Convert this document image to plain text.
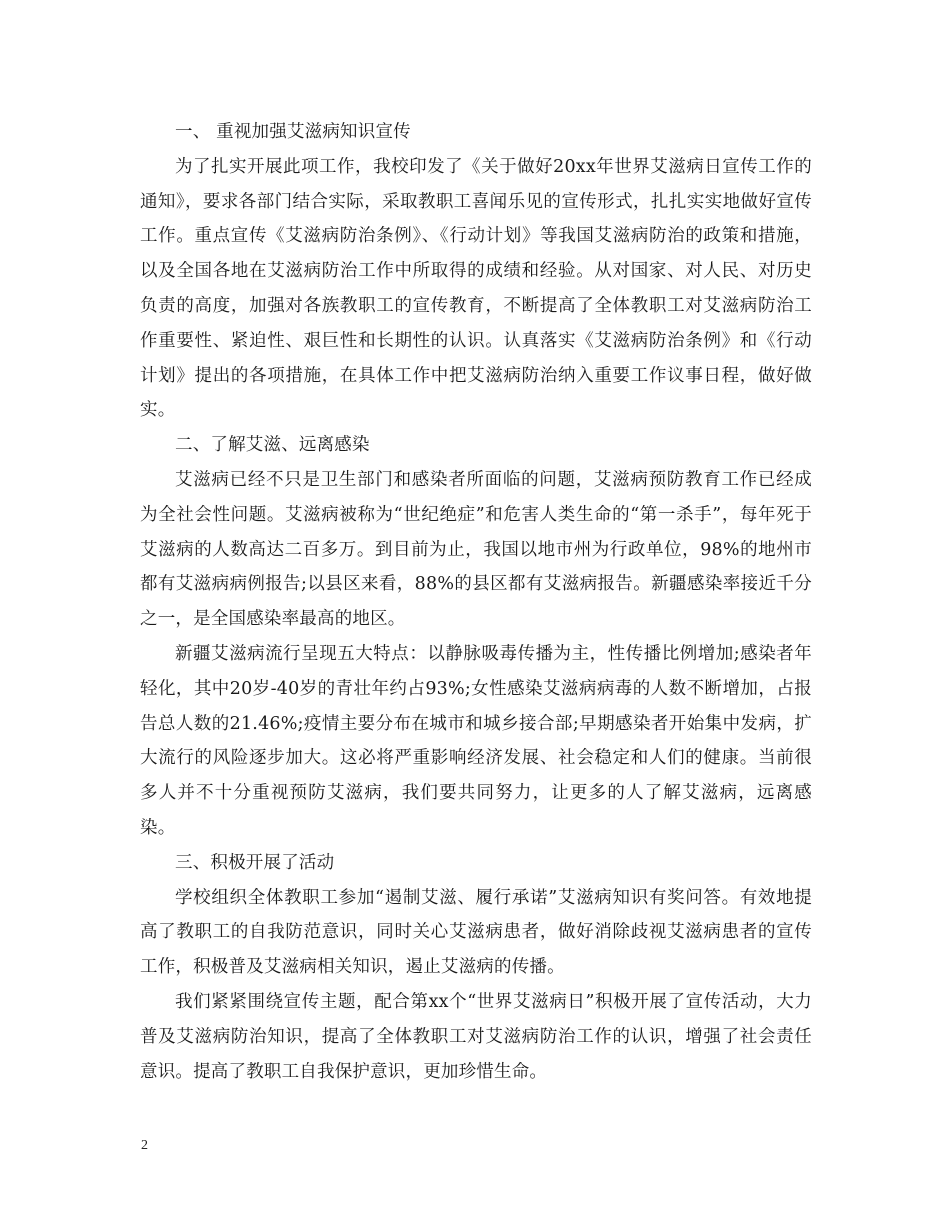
一、 重视加强艾滋病知识宣传

为了扎实开展此项工作，我校印发了《关于做好20xx年世界艾滋病日宣传工作的通知》，要求各部门结合实际，采取教职工喜闻乐见的宣传形式，扎扎实实地做好宣传工作。重点宣传《艾滋病防治条例》、《行动计划》等我国艾滋病防治的政策和措施，以及全国各地在艾滋病防治工作中所取得的成绩和经验。从对国家、对人民、对历史负责的高度，加强对各族教职工的宣传教育，不断提高了全体教职工对艾滋病防治工作重要性、紧迫性、艰巨性和长期性的认识。认真落实《艾滋病防治条例》和《行动计划》提出的各项措施，在具体工作中把艾滋病防治纳入重要工作议事日程，做好做实。

二、了解艾滋、远离感染

艾滋病已经不只是卫生部门和感染者所面临的问题，艾滋病预防教育工作已经成为全社会性问题。艾滋病被称为“世纪绝症”和危害人类生命的“第一杀手”，每年死于艾滋病的人数高达二百多万。到目前为止，我国以地市州为行政单位，98%的地州市都有艾滋病病例报告;以县区来看，88%的县区都有艾滋病报告。新疆感染率接近千分之一，是全国感染率最高的地区。

新疆艾滋病流行呈现五大特点：以静脉吸毒传播为主，性传播比例增加;感染者年轻化，其中20岁-40岁的青壮年约占93%;女性感染艾滋病病毒的人数不断增加，占报告总人数的21.46%;疫情主要分布在城市和城乡接合部;早期感染者开始集中发病，扩大流行的风险逐步加大。这必将严重影响经济发展、社会稳定和人们的健康。当前很多人并不十分重视预防艾滋病，我们要共同努力，让更多的人了解艾滋病，远离感染。

三、积极开展了活动

学校组织全体教职工参加“遏制艾滋、履行承诺”艾滋病知识有奖问答。有效地提高了教职工的自我防范意识，同时关心艾滋病患者，做好消除歧视艾滋病患者的宣传工作，积极普及艾滋病相关知识，遏止艾滋病的传播。

我们紧紧围绕宣传主题，配合第xx个“世界艾滋病日”积极开展了宣传活动，大力普及艾滋病防治知识，提高了全体教职工对艾滋病防治工作的认识，增强了社会责任意识。提高了教职工自我保护意识，更加珍惜生命。

2
